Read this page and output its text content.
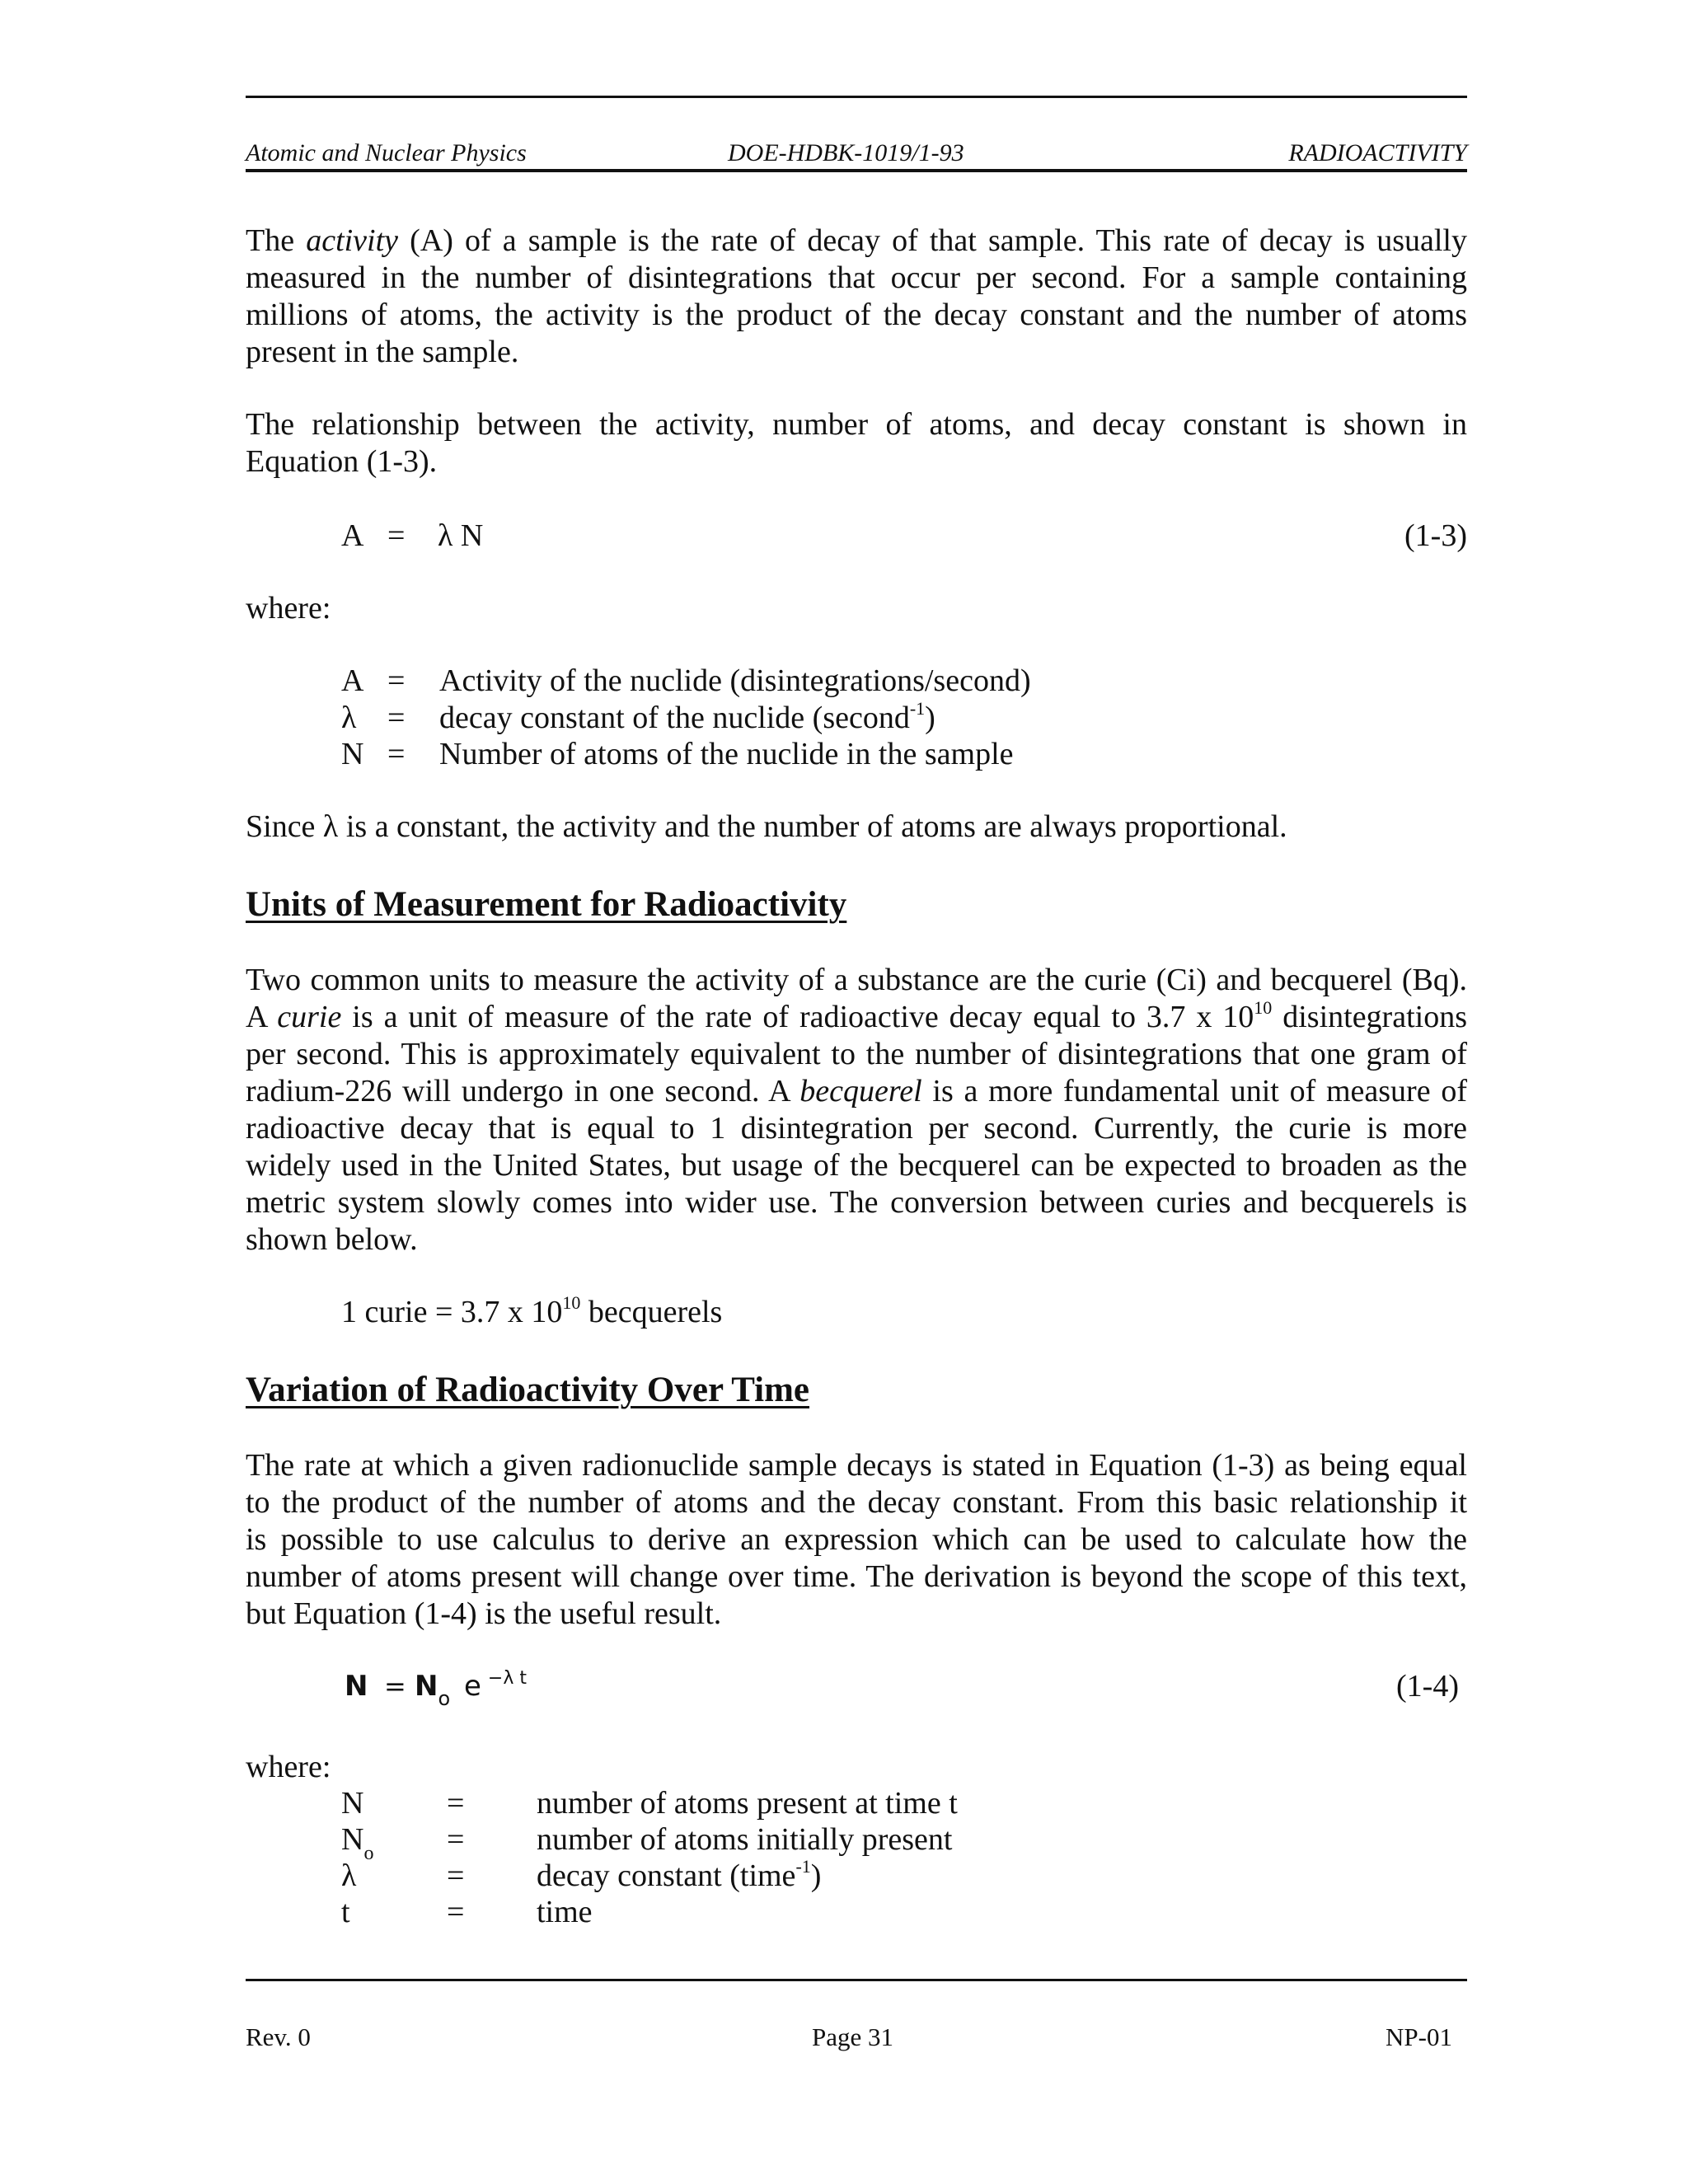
Atomic and Nuclear Physics	DOE-HDBK-1019/1-93	RADIOACTIVITY
The activity (A) of a sample is the rate of decay of that sample. This rate of decay is usually
measured in the number of disintegrations that occur per second. For a sample containing
millions of atoms, the activity is the product of the decay constant and the number of atoms
present in the sample.
The relationship between the activity, number of atoms, and decay constant is shown in
Equation (1-3).
A = λ N	(1-3)
where:
A = Activity of the nuclide (disintegrations/second)
λ = decay constant of the nuclide (second$^{-1}$)
N = Number of atoms of the nuclide in the sample
Since λ is a constant, the activity and the number of atoms are always proportional.
Units of Measurement for Radioactivity
Two common units to measure the activity of a substance are the curie (Ci) and becquerel (Bq).
A curie is a unit of measure of the rate of radioactive decay equal to 3.7 x $10^{10}$ disintegrations
per second. This is approximately equivalent to the number of disintegrations that one gram of
radium-226 will undergo in one second. A becquerel is a more fundamental unit of measure of
radioactive decay that is equal to 1 disintegration per second. Currently, the curie is more
widely used in the United States, but usage of the becquerel can be expected to broaden as the
metric system slowly comes into wider use. The conversion between curies and becquerels is
shown below.
1 curie = 3.7 x $10^{10}$ becquerels
Variation of Radioactivity Over Time
The rate at which a given radionuclide sample decays is stated in Equation (1-3) as being equal
to the product of the number of atoms and the decay constant. From this basic relationship it
is possible to use calculus to derive an expression which can be used to calculate how the
number of atoms present will change over time. The derivation is beyond the scope of this text,
but Equation (1-4) is the useful result.
$N = N_o$ e $^{-\lambda t}$	(1-4)
where:
N	= number of atoms present at time t
$N_o$ = number of atoms initially present
λ	= decay constant (time$^{-1}$)
t	= time
Rev. 0	Page 31	NP-01
